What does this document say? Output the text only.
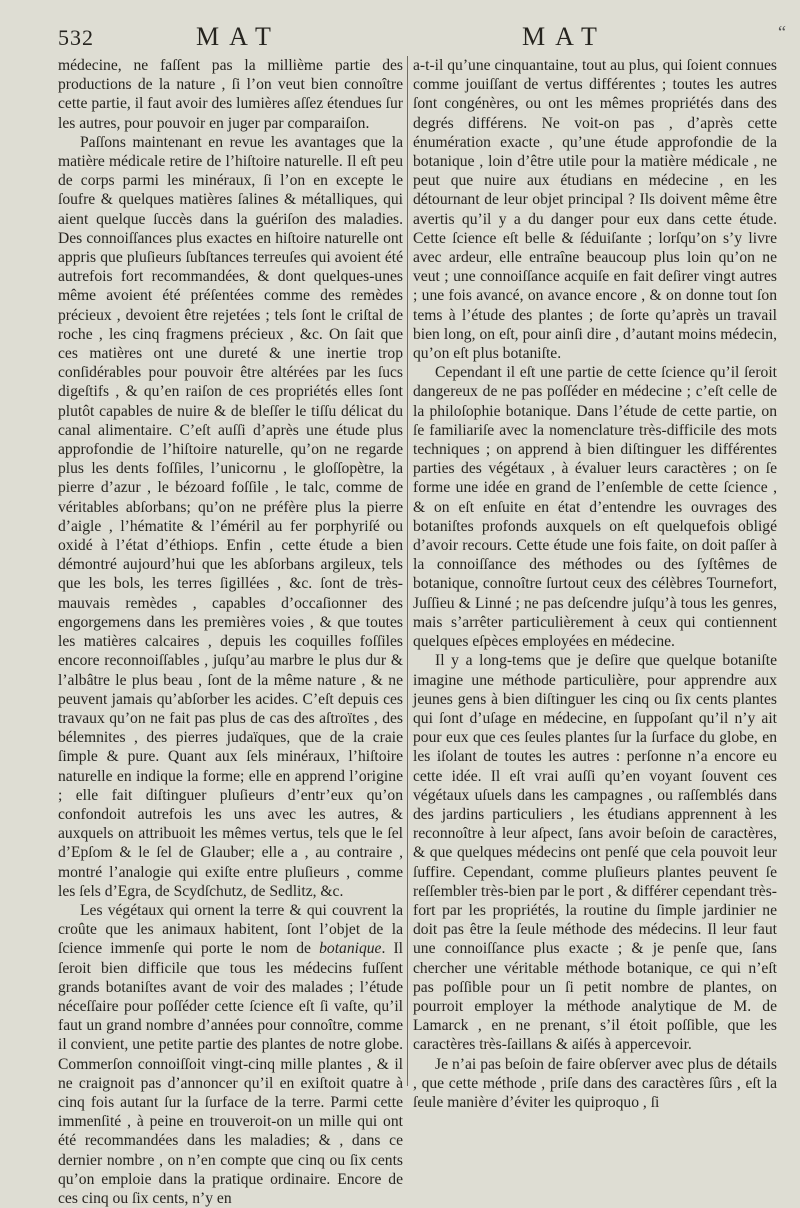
532	MAT	MAT	“

médecine, ne faſſent pas la millième partie des productions de la nature , ſi l’on veut bien connoître cette partie, il faut avoir des lumières aſſez étendues ſur les autres, pour pouvoir en juger par comparaiſon.

Paſſons maintenant en revue les avantages que la matière médicale retire de l’hiſtoire naturelle. Il eſt peu de corps parmi les minéraux, ſi l’on en excepte le ſoufre & quelques matières ſalines & métalliques, qui aient quelque ſuccès dans la guériſon des maladies. Des connoiſſances plus exactes en hiſtoire naturelle ont appris que pluſieurs ſubſtances terreuſes qui avoient été autrefois fort recommandées, & dont quelques-unes même avoient été préſentées comme des remèdes précieux , devoient être rejetées ; tels ſont le criſtal de roche , les cinq fragmens précieux , &c. On ſait que ces matières ont une dureté & une inertie trop conſidérables pour pouvoir être altérées par les ſucs digeſtifs , & qu’en raiſon de ces propriétés elles ſont plutôt capables de nuire & de bleſſer le tiſſu délicat du canal alimentaire. C’eſt auſſi d’après une étude plus approfondie de l’hiſtoire naturelle, qu’on ne regarde plus les dents foſſiles, l’unicornu , le gloſſopètre, la pierre d’azur , le bézoard foſſile , le talc, comme de véritables abſorbans; qu’on ne préfère plus la pierre d’aigle , l’hématite & l’éméril au fer porphyriſé ou oxidé à l’état d’éthiops. Enfin , cette étude a bien démontré aujourd’hui que les abſorbans argileux, tels que les bols, les terres ſigillées , &c. ſont de très-mauvais remèdes , capables d’occaſionner des engorgemens dans les premières voies , & que toutes les matières calcaires , depuis les coquilles foſſiles encore reconnoiſſables , juſqu’au marbre le plus dur & l’albâtre le plus beau , ſont de la même nature , & ne peuvent jamais qu’abſorber les acides. C’eſt depuis ces travaux qu’on ne fait pas plus de cas des aſtroïtes , des bélemnites , des pierres judaïques, que de la craie ſimple & pure. Quant aux ſels minéraux, l’hiſtoire naturelle en indique la forme; elle en apprend l’origine ; elle fait diſtinguer pluſieurs d’entr’eux qu’on confondoit autrefois les uns avec les autres, & auxquels on attribuoit les mêmes vertus, tels que le ſel d’Epſom & le ſel de Glauber; elle a , au contraire , montré l’analogie qui exiſte entre pluſieurs , comme les ſels d’Egra, de Scydſchutz, de Sedlitz, &c.

Les végétaux qui ornent la terre & qui couvrent la croûte que les animaux habitent, ſont l’objet de la ſcience immenſe qui porte le nom de botanique. Il ſeroit bien difficile que tous les médecins fuſſent grands botaniſtes avant de voir des malades ; l’étude néceſſaire pour poſſéder cette ſcience eſt ſi vaſte, qu’il faut un grand nombre d’années pour connoître, comme il convient, une petite partie des plantes de notre globe. Commerſon connoiſſoit vingt-cinq mille plantes , & il ne craignoit pas d’annoncer qu’il en exiſtoit quatre à cinq fois autant ſur la ſurface de la terre. Parmi cette immenſité , à peine en trouveroit-on un mille qui ont été recommandées dans les maladies; & , dans ce dernier nombre , on n’en compte que cinq ou ſix cents qu’on emploie dans la pratique ordinaire. Encore de ces cinq ou ſix cents, n’y en

a-t-il qu’une cinquantaine, tout au plus, qui ſoient connues comme jouiſſant de vertus différentes ; toutes les autres ſont congénères, ou ont les mêmes propriétés dans des degrés différens. Ne voit-on pas , d’après cette énumération exacte , qu’une étude approfondie de la botanique , loin d’être utile pour la matière médicale , ne peut que nuire aux étudians en médecine , en les détournant de leur objet principal ? Ils doivent même être avertis qu’il y a du danger pour eux dans cette étude. Cette ſcience eſt belle & ſéduiſante ; lorſqu’on s’y livre avec ardeur, elle entraîne beaucoup plus loin qu’on ne veut ; une connoiſſance acquiſe en fait deſirer vingt autres ; une fois avancé, on avance encore , & on donne tout ſon tems à l’étude des plantes ; de ſorte qu’après un travail bien long, on eſt, pour ainſi dire , d’autant moins médecin, qu’on eſt plus botaniſte.

Cependant il eſt une partie de cette ſcience qu’il ſeroit dangereux de ne pas poſſéder en médecine ; c’eſt celle de la philoſophie botanique. Dans l’étude de cette partie, on ſe familiariſe avec la nomenclature très-difficile des mots techniques ; on apprend à bien diſtinguer les différentes parties des végétaux , à évaluer leurs caractères ; on ſe forme une idée en grand de l’enſemble de cette ſcience , & on eſt enſuite en état d’entendre les ouvrages des botaniſtes profonds auxquels on eſt quelquefois obligé d’avoir recours. Cette étude une fois faite, on doit paſſer à la connoiſſance des méthodes ou des ſyſtêmes de botanique, connoître ſurtout ceux des célèbres Tournefort, Juſſieu & Linné ; ne pas deſcendre juſqu’à tous les genres, mais s’arrêter particulièrement à ceux qui contiennent quelques eſpèces employées en médecine.

Il y a long-tems que je deſire que quelque botaniſte imagine une méthode particulière, pour apprendre aux jeunes gens à bien diſtinguer les cinq ou ſix cents plantes qui ſont d’uſage en médecine, en ſuppoſant qu’il n’y ait pour eux que ces ſeules plantes ſur la ſurface du globe, en les iſolant de toutes les autres : perſonne n’a encore eu cette idée. Il eſt vrai auſſi qu’en voyant ſouvent ces végétaux uſuels dans les campagnes , ou raſſemblés dans des jardins particuliers , les étudians apprennent à les reconnoître à leur aſpect, ſans avoir beſoin de caractères, & que quelques médecins ont penſé que cela pouvoit leur ſuffire. Cependant, comme pluſieurs plantes peuvent ſe reſſembler très-bien par le port , & différer cependant très-fort par les propriétés, la routine du ſimple jardinier ne doit pas être la ſeule méthode des médecins. Il leur faut une connoiſſance plus exacte ; & je penſe que, ſans chercher une véritable méthode botanique, ce qui n’eſt pas poſſible pour un ſi petit nombre de plantes, on pourroit employer la méthode analytique de M. de Lamarck , en ne prenant, s’il étoit poſſible, que les caractères très-ſaillans & aiſés à appercevoir.

Je n’ai pas beſoin de faire obſerver avec plus de détails , que cette méthode , priſe dans des caractères ſûrs , eſt la ſeule manière d’éviter les quiproquo , ſi
